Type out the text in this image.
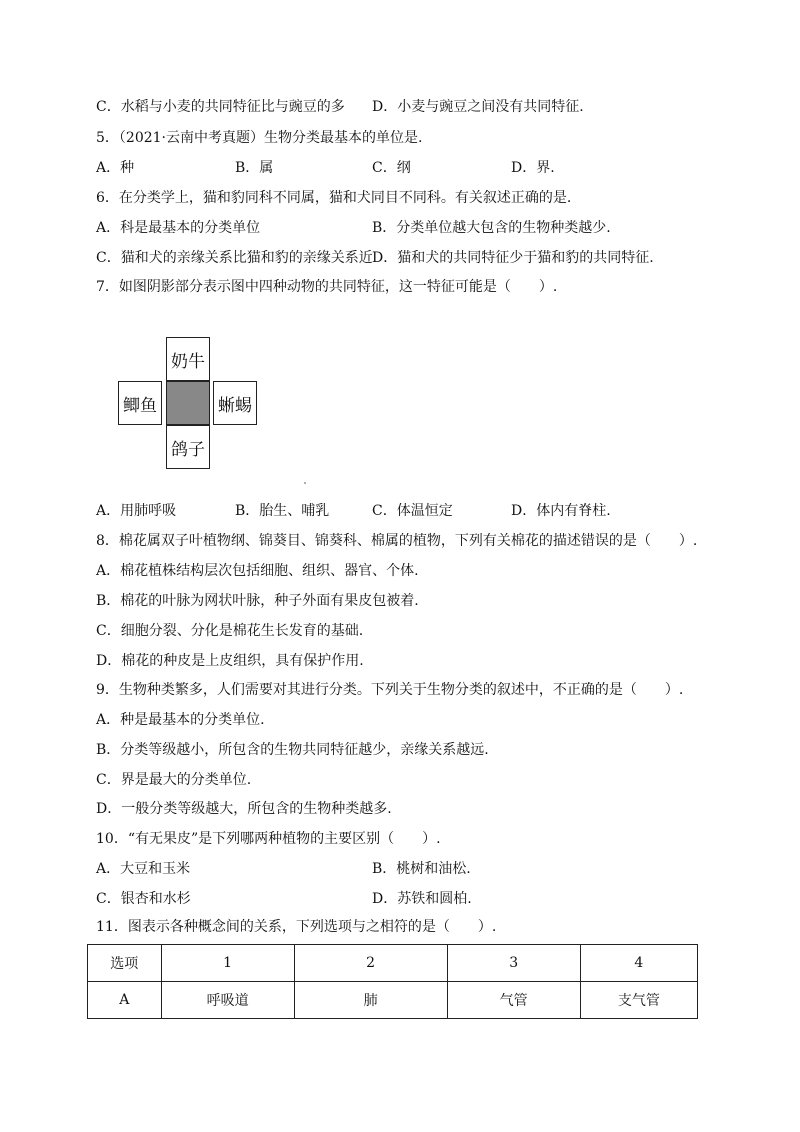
C．水稻与小麦的共同特征比与豌豆的多 D．小麦与豌豆之间没有共同特征.
5．（2021·云南中考真题）生物分类最基本的单位是.
A．种	B．属	C．纲	D．界.
6．在分类学上，猫和豹同科不同属，猫和犬同目不同科。有关叙述正确的是.
A．科是最基本的分类单位	B．分类单位越大包含的生物种类越少.
C．猫和犬的亲缘关系比猫和豹的亲缘关系近 D．猫和犬的共同特征少于猫和豹的共同特征.
7．如图阴影部分表示图中四种动物的共同特征，这一特征可能是（　　）.
奶牛
鲫鱼	蜥蜴
鸽子
A．用肺呼吸	B．胎生、哺乳	C．体温恒定	D．体内有脊柱.
8．棉花属双子叶植物纲、锦葵目、锦葵科、棉属的植物，下列有关棉花的描述错误的是（　　）.
A．棉花植株结构层次包括细胞、组织、器官、个体.
B．棉花的叶脉为网状叶脉，种子外面有果皮包被着.
C．细胞分裂、分化是棉花生长发育的基础.
D．棉花的种皮是上皮组织，具有保护作用.
9．生物种类繁多，人们需要对其进行分类。下列关于生物分类的叙述中，不正确的是（　　）.
A．种是最基本的分类单位.
B．分类等级越小，所包含的生物共同特征越少，亲缘关系越远.
C．界是最大的分类单位.
D．一般分类等级越大，所包含的生物种类越多.
10．“有无果皮”是下列哪两种植物的主要区别（　　）.
A．大豆和玉米	B．桃树和油松.
C．银杏和水杉	D．苏铁和圆柏.
11．图表示各种概念间的关系，下列选项与之相符的是（　　）.
选项	1	2	3	4
A	呼吸道	肺	气管	支气管
